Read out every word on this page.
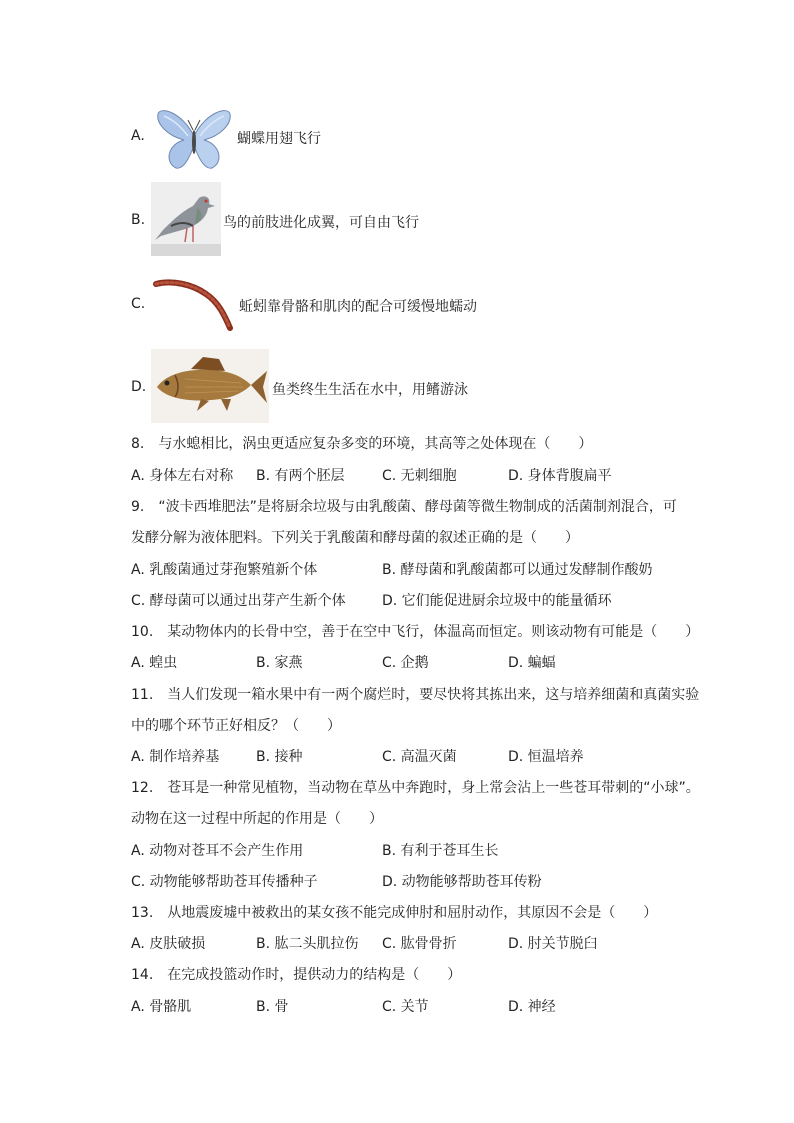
A.	蝴蝶用翅飞行
B.	鸟的前肢进化成翼，可自由飞行
C.	蚯蚓靠骨骼和肌肉的配合可缓慢地蠕动
D.	鱼类终生生活在水中，用鳍游泳
8.　与水螅相比，涡虫更适应复杂多变的环境，其高等之处体现在（　　）
A. 身体左右对称 B. 有两个胚层	C. 无刺细胞	D. 身体背腹扁平
9.　“波卡西堆肥法”是将厨余垃圾与由乳酸菌、酵母菌等微生物制成的活菌制剂混合，可
发酵分解为液体肥料。下列关于乳酸菌和酵母菌的叙述正确的是（　　）
A. 乳酸菌通过芽孢繁殖新个体	B. 酵母菌和乳酸菌都可以通过发酵制作酸奶
C. 酵母菌可以通过出芽产生新个体	D. 它们能促进厨余垃圾中的能量循环
10.　某动物体内的长骨中空，善于在空中飞行，体温高而恒定。则该动物有可能是（　　）
A. 蝗虫	B. 家燕	C. 企鹅	D. 蝙蝠
11.　当人们发现一箱水果中有一两个腐烂时，要尽快将其拣出来，这与培养细菌和真菌实验
中的哪个环节正好相反？（　　）
A. 制作培养基	B. 接种	C. 高温灭菌	D. 恒温培养
12.　苍耳是一种常见植物，当动物在草丛中奔跑时，身上常会沾上一些苍耳带刺的“小球”。
动物在这一过程中所起的作用是（　　）
A. 动物对苍耳不会产生作用	B. 有利于苍耳生长
C. 动物能够帮助苍耳传播种子	D. 动物能够帮助苍耳传粉
13.　从地震废墟中被救出的某女孩不能完成伸肘和屈肘动作，其原因不会是（　　）
A. 皮肤破损	B. 肱二头肌拉伤 C. 肱骨骨折	D. 肘关节脱臼
14.　在完成投篮动作时，提供动力的结构是（　　）
A. 骨骼肌	B. 骨	C. 关节	D. 神经
